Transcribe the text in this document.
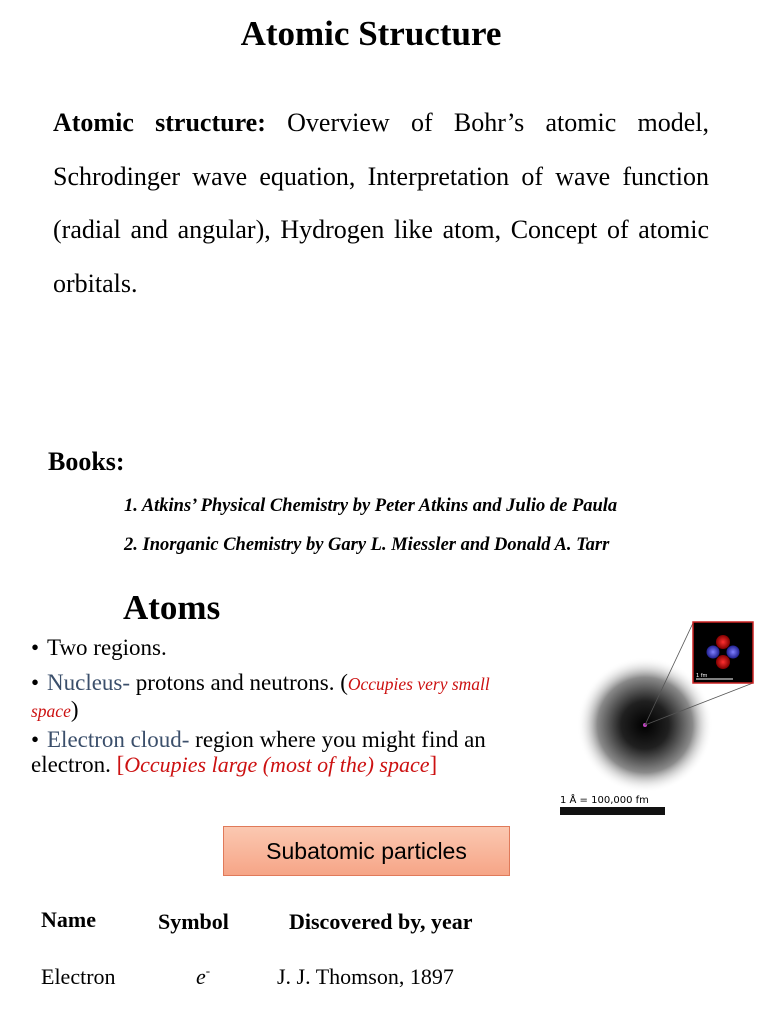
Atomic Structure
Atomic structure: Overview of Bohr’s atomic model, Schrodinger wave equation, Interpretation of wave function (radial and angular), Hydrogen like atom, Concept of atomic orbitals.
Books:
1. Atkins’ Physical Chemistry by Peter Atkins and Julio de Paula
2. Inorganic Chemistry by Gary L. Miessler and Donald A. Tarr
Atoms
• Two regions.
• Nucleus- protons and neutrons. (Occupies very small space)
• Electron cloud- region where you might find an electron. [Occupies large (most of the) space]
1 fm
1 Å = 100,000 fm
Subatomic particles
Name	Symbol	Discovered by, year
Electron	e-	J. J. Thomson, 1897
